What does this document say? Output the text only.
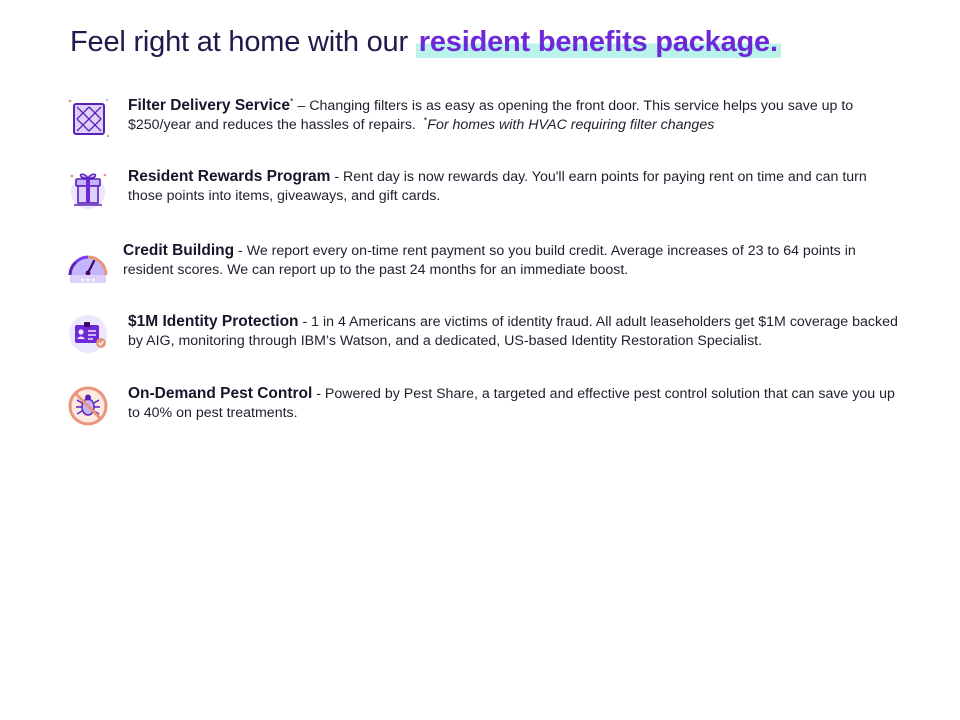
Feel right at home with our resident benefits package.
Filter Delivery Service* – Changing filters is as easy as opening the front door. This service helps you save up to $250/year and reduces the hassles of repairs. *For homes with HVAC requiring filter changes
Resident Rewards Program - Rent day is now rewards day. You'll earn points for paying rent on time and can turn those points into items, giveaways, and gift cards.
★★★
Credit Building - We report every on-time rent payment so you build credit. Average increases of 23 to 64 points in resident scores. We can report up to the past 24 months for an immediate boost.
$1M Identity Protection - 1 in 4 Americans are victims of identity fraud. All adult leaseholders get $1M coverage backed by AIG, monitoring through IBM’s Watson, and a dedicated, US-based Identity Restoration Specialist.
On-Demand Pest Control - Powered by Pest Share, a targeted and effective pest control solution that can save you up to 40% on pest treatments.
